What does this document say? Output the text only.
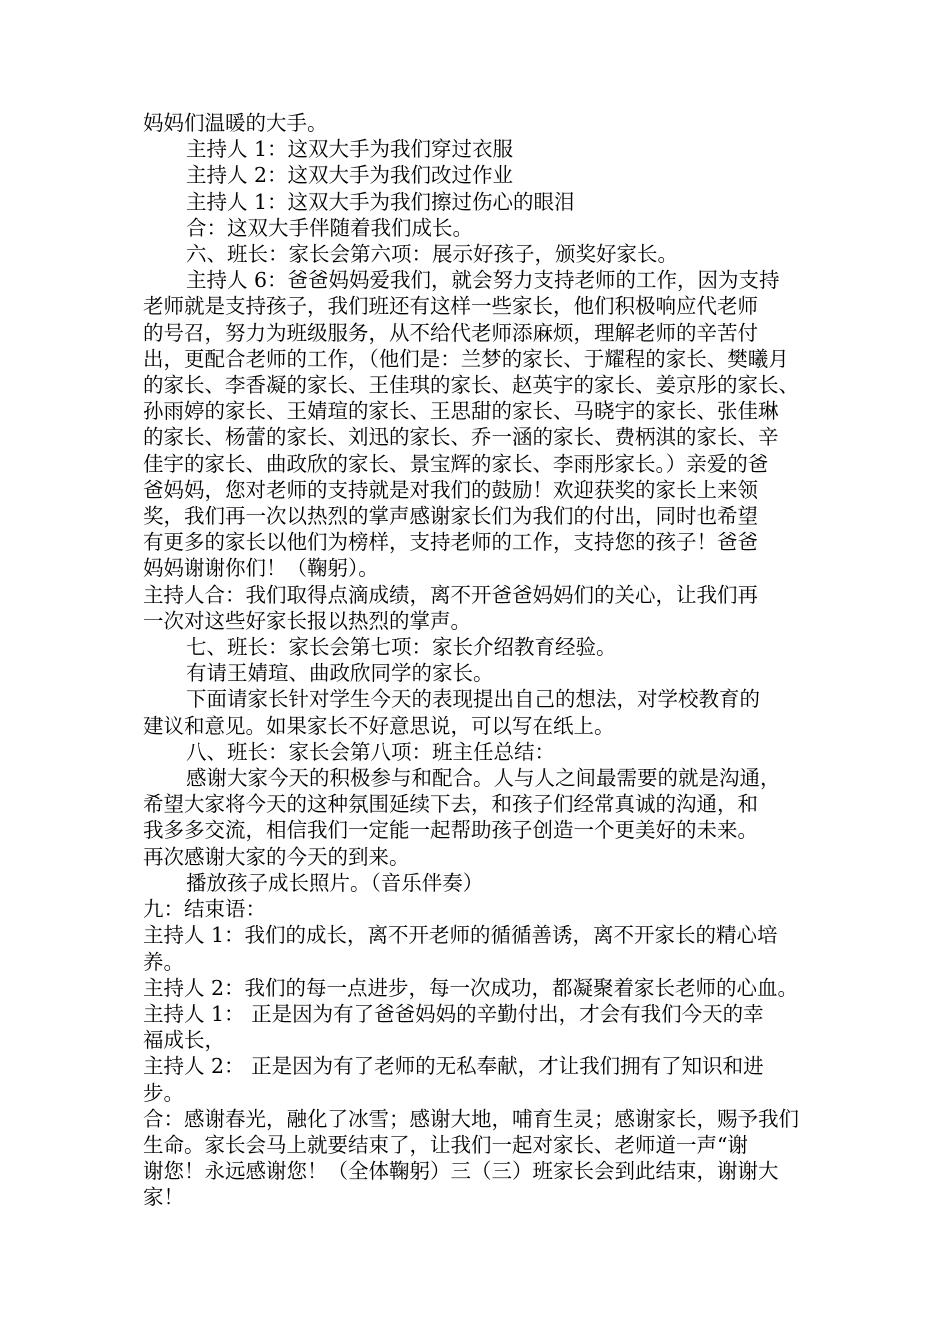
妈妈们温暖的大手。
主持人 1：这双大手为我们穿过衣服
主持人 2：这双大手为我们改过作业
主持人 1：这双大手为我们擦过伤心的眼泪
合：这双大手伴随着我们成长。
六、班长：家长会第六项：展示好孩子，颁奖好家长。
主持人 6：爸爸妈妈爱我们，就会努力支持老师的工作，因为支持
老师就是支持孩子，我们班还有这样一些家长，他们积极响应代老师
的号召，努力为班级服务，从不给代老师添麻烦，理解老师的辛苦付
出，更配合老师的工作，（他们是：兰梦的家长、于耀程的家长、樊曦月
的家长、李香凝的家长、王佳琪的家长、赵英宇的家长、姜京彤的家长、
孙雨婷的家长、王婧瑄的家长、王思甜的家长、马晓宇的家长、张佳琳
的家长、杨蕾的家长、刘迅的家长、乔一涵的家长、费柄淇的家长、辛
佳宇的家长、曲政欣的家长、景宝辉的家长、李雨彤家长。）亲爱的爸
爸妈妈，您对老师的支持就是对我们的鼓励！欢迎获奖的家长上来领
奖，我们再一次以热烈的掌声感谢家长们为我们的付出，同时也希望
有更多的家长以他们为榜样，支持老师的工作，支持您的孩子！爸爸
妈妈谢谢你们！（鞠躬）。
主持人合：我们取得点滴成绩，离不开爸爸妈妈们的关心，让我们再
一次对这些好家长报以热烈的掌声。
七、班长：家长会第七项：家长介绍教育经验。
有请王婧瑄、曲政欣同学的家长。
下面请家长针对学生今天的表现提出自己的想法，对学校教育的
建议和意见。如果家长不好意思说，可以写在纸上。
八、班长：家长会第八项：班主任总结：
感谢大家今天的积极参与和配合。人与人之间最需要的就是沟通，
希望大家将今天的这种氛围延续下去，和孩子们经常真诚的沟通，和
我多多交流，相信我们一定能一起帮助孩子创造一个更美好的未来。
再次感谢大家的今天的到来。
播放孩子成长照片。（音乐伴奏）
九：结束语：
主持人 1：我们的成长，离不开老师的循循善诱，离不开家长的精心培
养。
主持人 2：我们的每一点进步，每一次成功，都凝聚着家长老师的心血。
主持人 1： 正是因为有了爸爸妈妈的辛勤付出，才会有我们今天的幸
福成长，
主持人 2： 正是因为有了老师的无私奉献，才让我们拥有了知识和进
步。
合：感谢春光，融化了冰雪；感谢大地，哺育生灵；感谢家长，赐予我们
生命。家长会马上就要结束了，让我们一起对家长、老师道一声“谢
谢您！永远感谢您！（全体鞠躬）三（三）班家长会到此结束，谢谢大
家！
